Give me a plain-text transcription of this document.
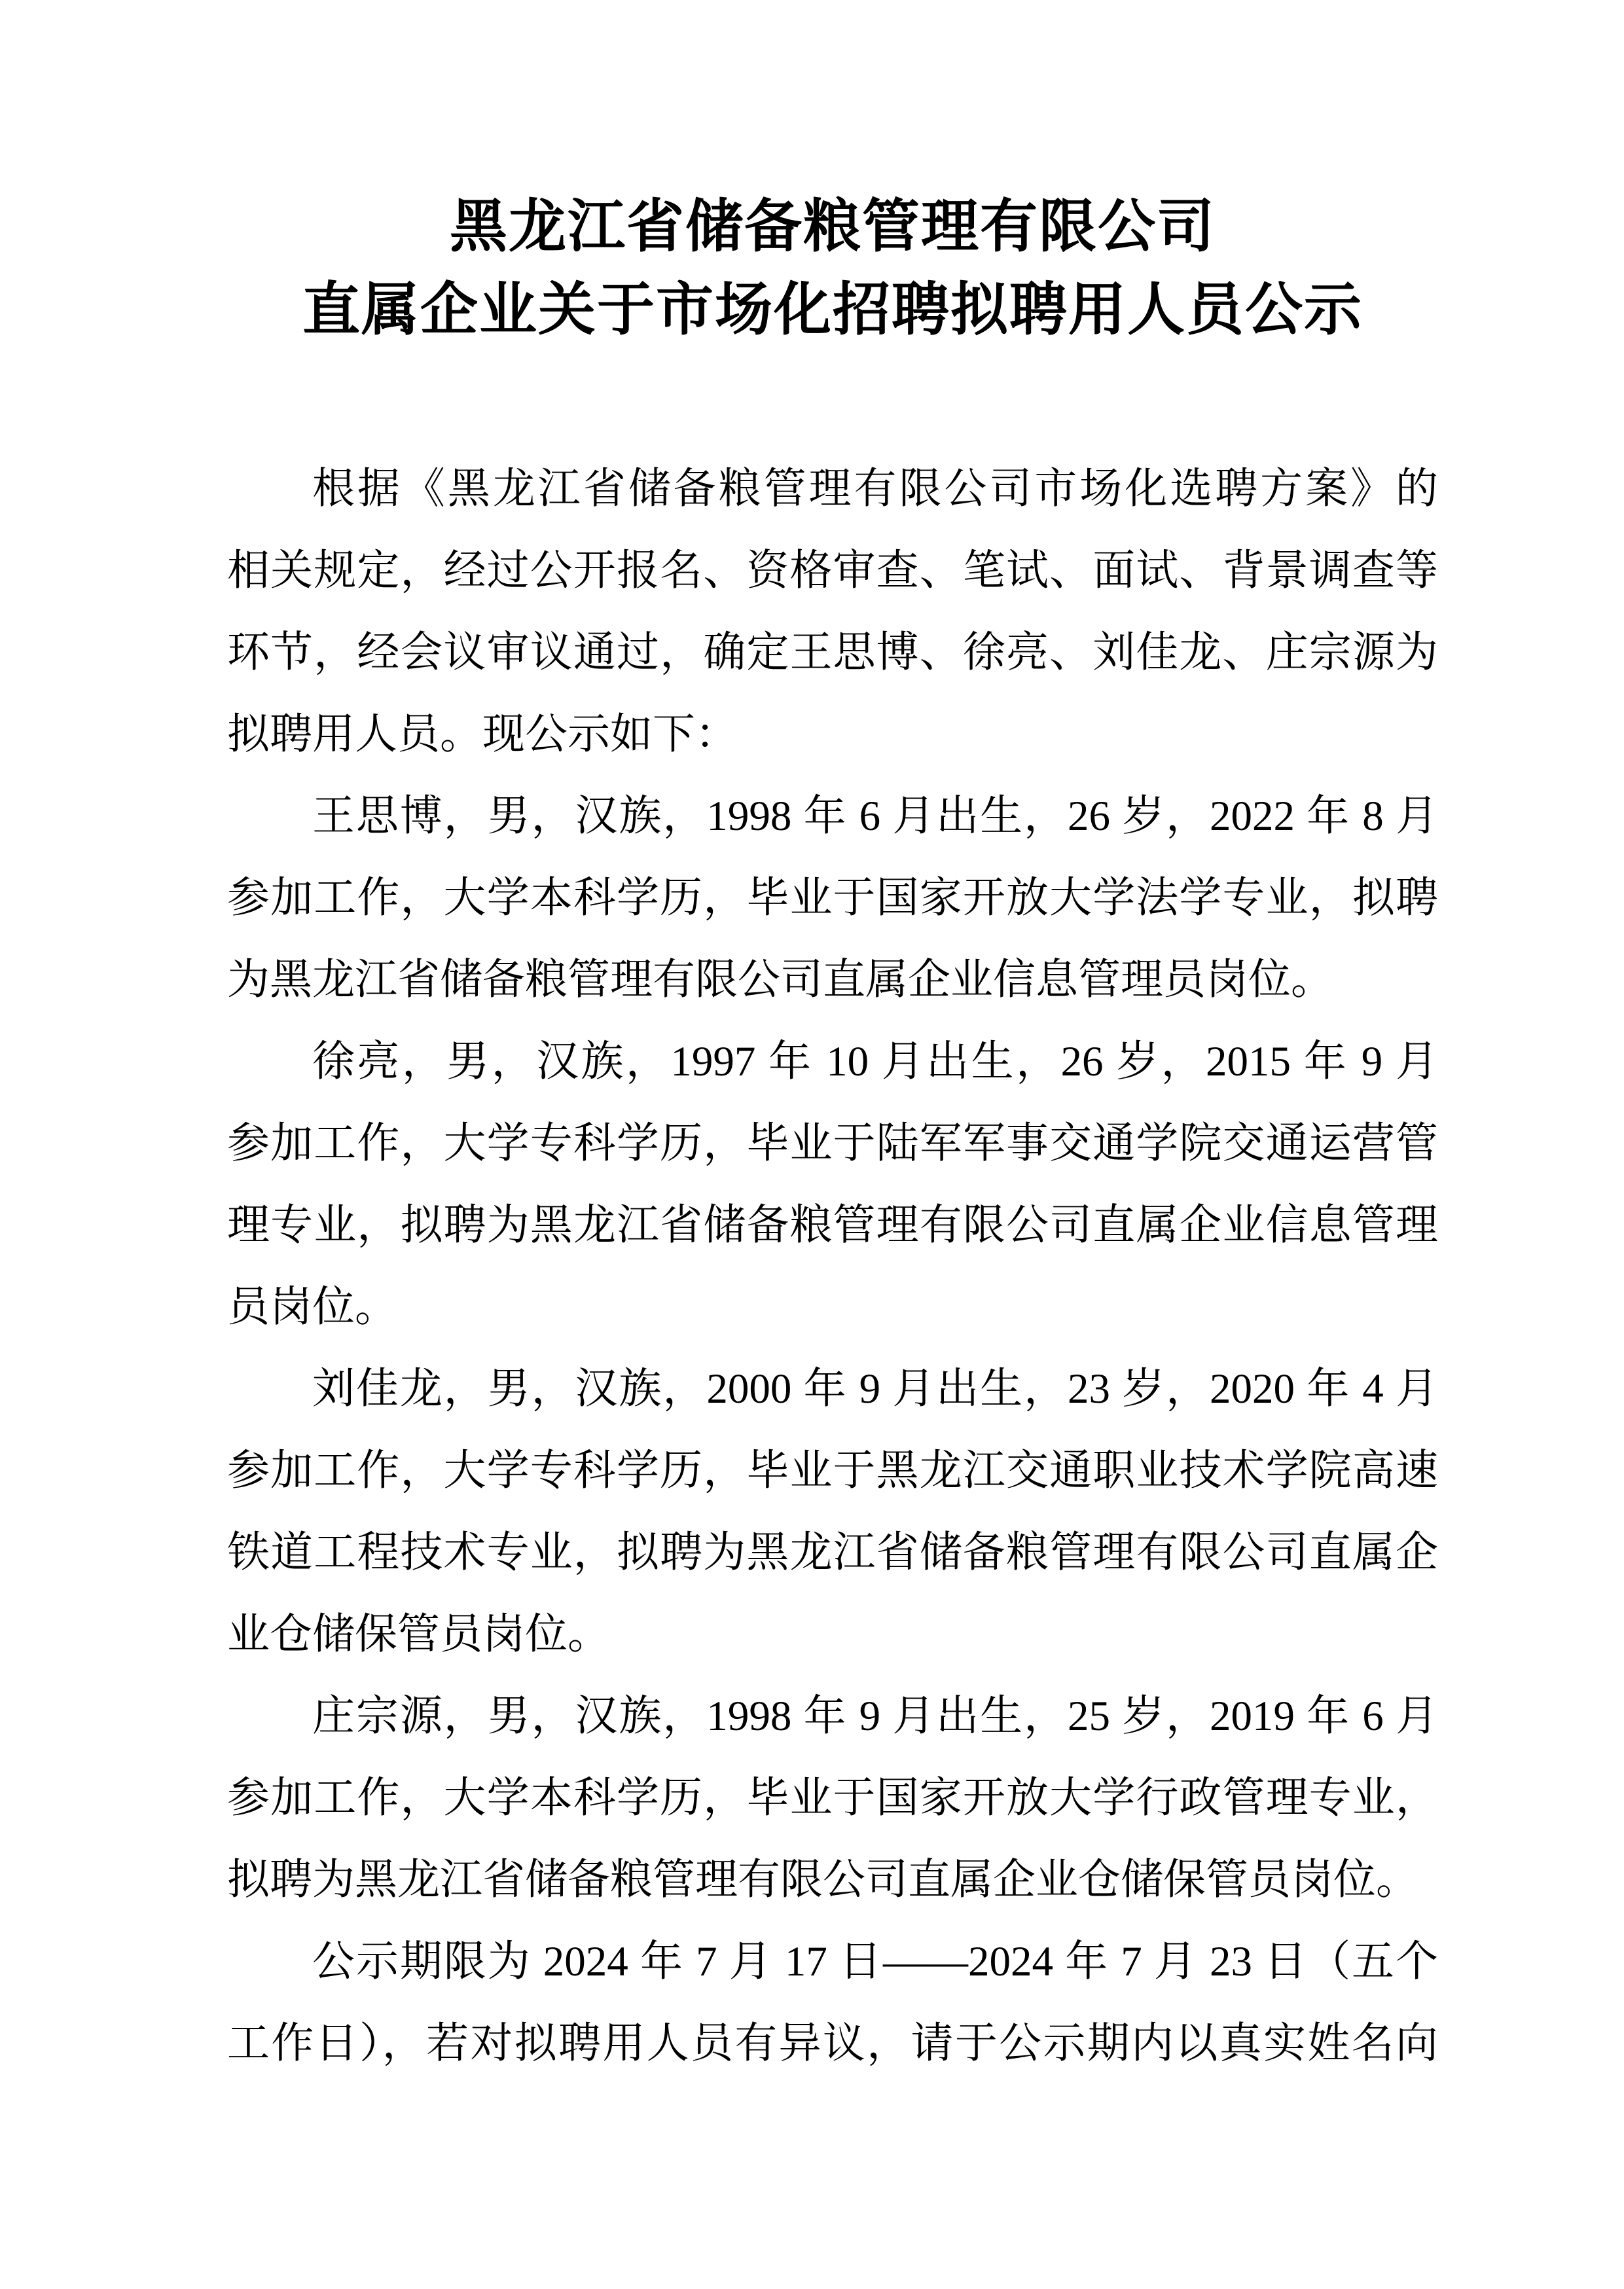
黑龙江省储备粮管理有限公司
直属企业关于市场化招聘拟聘用人员公示
根据《黑龙江省储备粮管理有限公司市场化选聘方案》的
相关规定，经过公开报名、资格审查、笔试、面试、背景调查等
环节，经会议审议通过，确定王思博、徐亮、刘佳龙、庄宗源为
拟聘用人员。现公示如下：
王思博，男，汉族，1998 年 6 月出生，26 岁，2022 年 8 月
参加工作，大学本科学历，毕业于国家开放大学法学专业，拟聘
为黑龙江省储备粮管理有限公司直属企业信息管理员岗位。
徐亮，男，汉族，1997 年 10 月出生，26 岁，2015 年 9 月
参加工作，大学专科学历，毕业于陆军军事交通学院交通运营管
理专业，拟聘为黑龙江省储备粮管理有限公司直属企业信息管理
员岗位。
刘佳龙，男，汉族，2000 年 9 月出生，23 岁，2020 年 4 月
参加工作，大学专科学历，毕业于黑龙江交通职业技术学院高速
铁道工程技术专业，拟聘为黑龙江省储备粮管理有限公司直属企
业仓储保管员岗位。
庄宗源，男，汉族，1998 年 9 月出生，25 岁，2019 年 6 月
参加工作，大学本科学历，毕业于国家开放大学行政管理专业，
拟聘为黑龙江省储备粮管理有限公司直属企业仓储保管员岗位。
公示期限为 2024 年 7 月 17 日——2024 年 7 月 23 日（五个
工作日），若对拟聘用人员有异议，请于公示期内以真实姓名向
